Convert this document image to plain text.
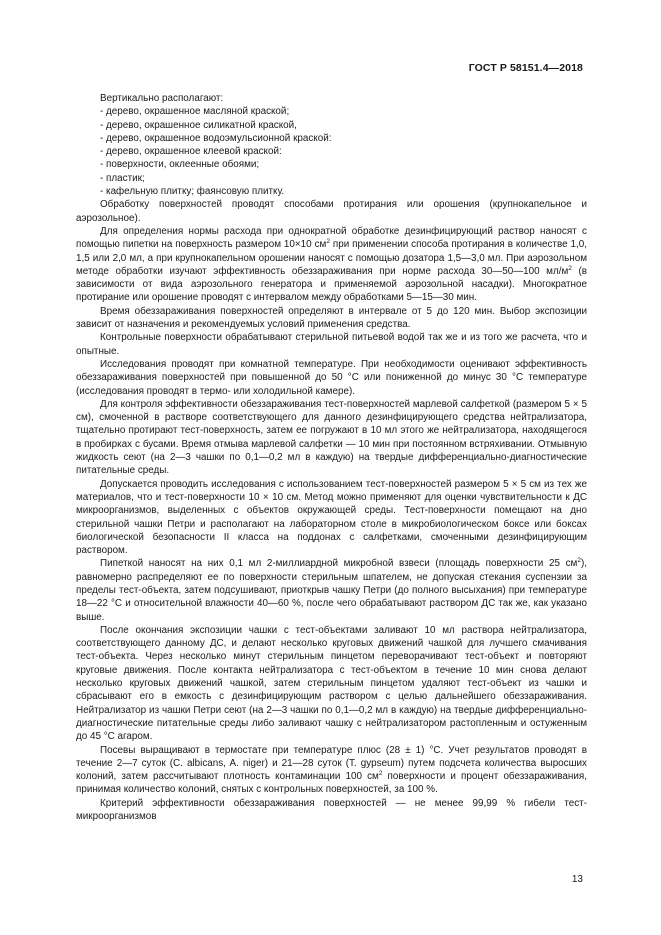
ГОСТ Р 58151.4—2018

Вертикально располагают:

- дерево, окрашенное масляной краской;

- дерево, окрашенное силикатной краской,

- дерево, окрашенное водоэмульсионной краской:

- дерево, окрашенное клеевой краской:

- поверхности, оклеенные обоями;

- пластик;

- кафельную плитку; фаянсовую плитку.

Обработку поверхностей проводят способами протирания или орошения (крупнокапельное и аэрозольное).

Для определения нормы расхода при однократной обработке дезинфицирующий раствор наносят с помощью пипетки на поверхность размером 10×10 $см^2$ при применении способа протирания в количестве 1,0, 1,5 или 2,0 мл, а при крупнокапельном орошении наносят с помощью дозатора 1,5—3,0 мл. При аэрозольном методе обработки изучают эффективность обеззараживания при норме расхода 30—50—100 $мл/м^2$ (в зависимости от вида аэрозольного генератора и применяемой аэрозольной насадки). Многократное протирание или орошение проводят с интервалом между обработками 5—15—30 мин.

Время обеззараживания поверхностей определяют в интервале от 5 до 120 мин. Выбор экспозиции зависит от назначения и рекомендуемых условий применения средства.

Контрольные поверхности обрабатывают стерильной питьевой водой так же и из того же расчета, что и опытные.

Исследования проводят при комнатной температуре. При необходимости оценивают эффективность обеззараживания поверхностей при повышенной до 50 °С или пониженной до минус 30 °С температуре (исследования проводят в термо- или холодильной камере).

Для контроля эффективности обеззараживания тест-поверхностей марлевой салфеткой (размером 5 × 5 см), смоченной в растворе соответствующего для данного дезинфицирующего средства нейтрализатора, тщательно протирают тест-поверхность, затем ее погружают в 10 мл этого же нейтрализатора, находящегося в пробирках с бусами. Время отмыва марлевой салфетки — 10 мин при постоянном встряхивании. Отмывную жидкость сеют (на 2—3 чашки по 0,1—0,2 мл в каждую) на твердые дифференциально-диагностические питательные среды.

Допускается проводить исследования с использованием тест-поверхностей размером 5 × 5 см из тех же материалов, что и тест-поверхности 10 × 10 см. Метод можно применяют для оценки чувствительности к ДС микроорганизмов, выделенных с объектов окружающей среды. Тест-поверхности помещают на дно стерильной чашки Петри и располагают на лабораторном столе в микробиологическом боксе или боксах биологической безопасности II класса на поддонах с салфетками, смоченными дезинфицирующим раствором.

Пипеткой наносят на них 0,1 мл 2-миллиардной микробной взвеси (площадь поверхности 25 $см^2$), равномерно распределяют ее по поверхности стерильным шпателем, не допуская стекания суспензии за пределы тест-объекта, затем подсушивают, приоткрыв чашку Петри (до полного высыхания) при температуре 18—22 °С и относительной влажности 40—60 %, после чего обрабатывают раствором ДС так же, как указано выше.

После окончания экспозиции чашки с тест-объектами заливают 10 мл раствора нейтрализатора, соответствующего данному ДС, и делают несколько круговых движений чашкой для лучшего смачивания тест-объекта. Через несколько минут стерильным пинцетом переворачивают тест-объект и повторяют круговые движения. После контакта нейтрализатора с тест-объектом в течение 10 мин снова делают несколько круговых движений чашкой, затем стерильным пинцетом удаляют тест-объект из чашки и сбрасывают его в емкость с дезинфицирующим раствором с целью дальнейшего обеззараживания. Нейтрализатор из чашки Петри сеют (на 2—3 чашки по 0,1—0,2 мл в каждую) на твердые дифференциально-диагностические питательные среды либо заливают чашку с нейтрализатором растопленным и остуженным до 45 °С агаром.

Посевы выращивают в термостате при температуре плюс (28 ± 1) °С. Учет результатов проводят в течение 2—7 суток (C. albicans, A. niger) и 21—28 суток (T. gypseum) путем подсчета количества выросших колоний, затем рассчитывают плотность контаминации 100 $см^2$ поверхности и процент обеззараживания, принимая количество колоний, снятых с контрольных поверхностей, за 100 %.

Критерий эффективности обеззараживания поверхностей — не менее 99,99 % гибели тест-микроорганизмов

13
